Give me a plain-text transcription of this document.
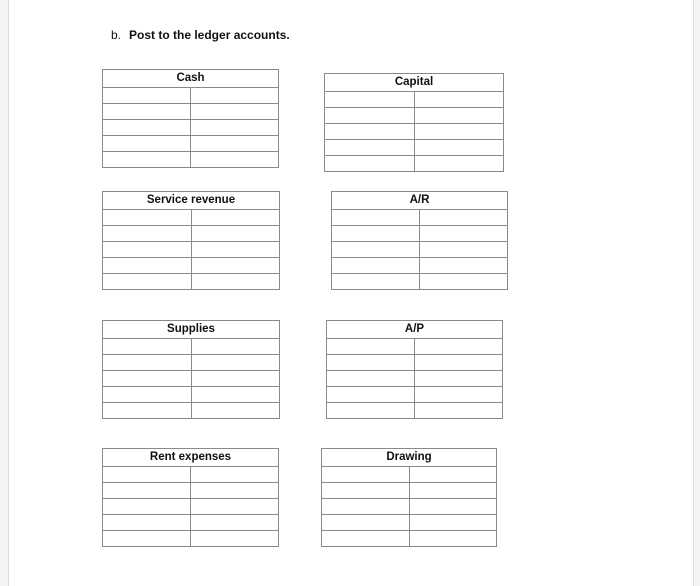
b. Post to the ledger accounts.
Cash	

		Capital	

Service revenue	

		A/R	

Supplies	

		A/P	

Rent expenses	

		Drawing	
